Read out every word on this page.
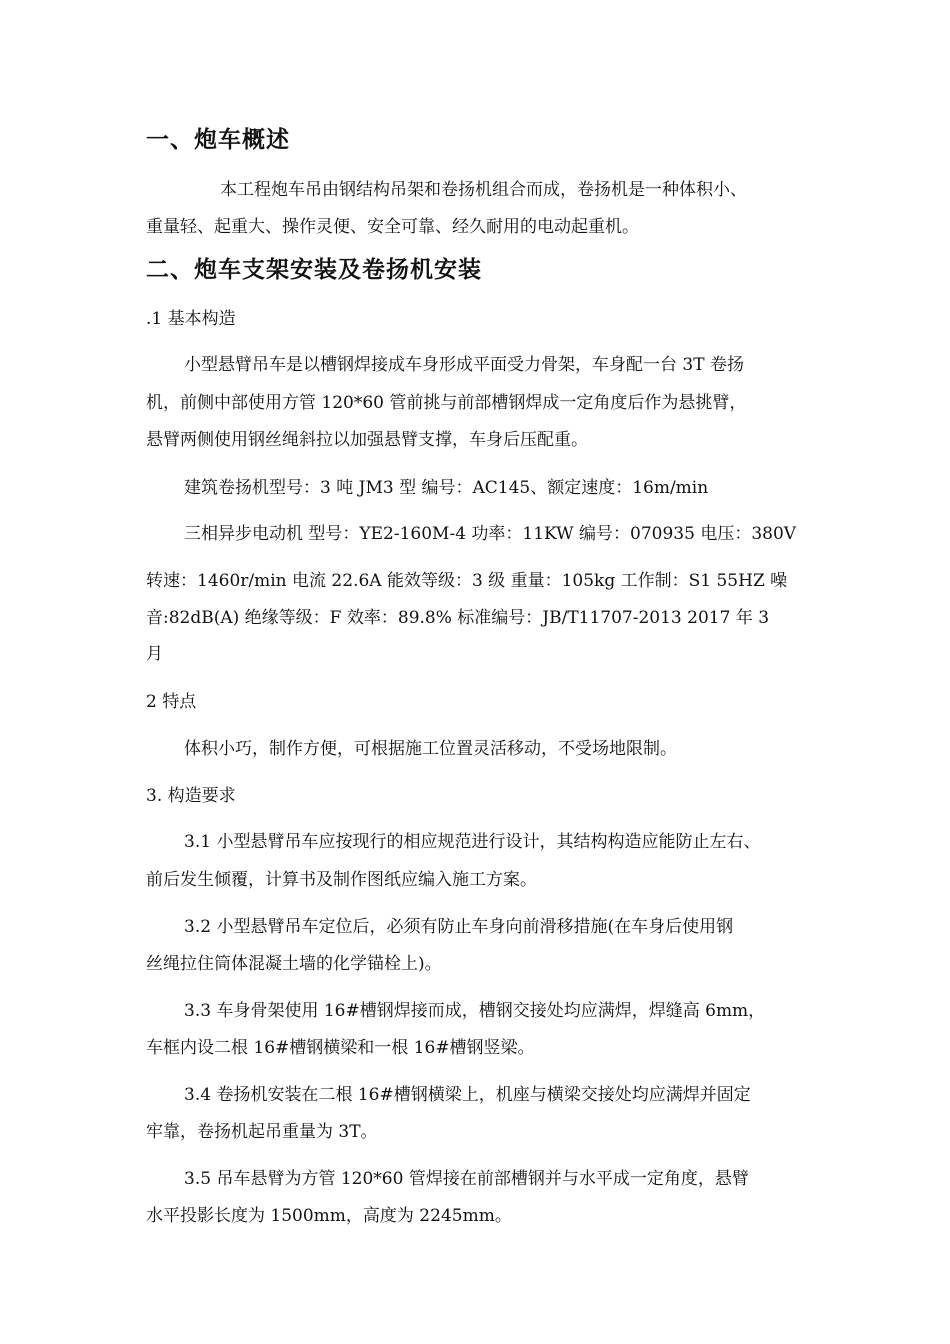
一、炮车概述
本工程炮车吊由钢结构吊架和卷扬机组合而成，卷扬机是一种体积小、
重量轻、起重大、操作灵便、安全可靠、经久耐用的电动起重机。
二、炮车支架安装及卷扬机安装
.1 基本构造
小型悬臂吊车是以槽钢焊接成车身形成平面受力骨架，车身配一台 3T 卷扬
机，前侧中部使用方管 120*60 管前挑与前部槽钢焊成一定角度后作为悬挑臂，
悬臂两侧使用钢丝绳斜拉以加强悬臂支撑，车身后压配重。
建筑卷扬机型号：3 吨 JM3 型 编号：AC145、额定速度：16m/min
三相异步电动机 型号：YE2-160M-4 功率：11KW 编号：070935 电压：380V
转速：1460r/min 电流 22.6A 能效等级：3 级 重量：105kg 工作制：S1 55HZ 噪
音:82dB(A) 绝缘等级：F 效率：89.8% 标准编号：JB/T11707-2013 2017 年 3
月
2 特点
体积小巧，制作方便，可根据施工位置灵活移动，不受场地限制。
3. 构造要求
3.1 小型悬臂吊车应按现行的相应规范进行设计，其结构构造应能防止左右、
前后发生倾覆，计算书及制作图纸应编入施工方案。
3.2 小型悬臂吊车定位后，必须有防止车身向前滑移措施(在车身后使用钢
丝绳拉住筒体混凝土墙的化学锚栓上)。
3.3 车身骨架使用 16#槽钢焊接而成，槽钢交接处均应满焊，焊缝高 6mm，
车框内设二根 16#槽钢横梁和一根 16#槽钢竖梁。
3.4 卷扬机安装在二根 16#槽钢横梁上，机座与横梁交接处均应满焊并固定
牢靠，卷扬机起吊重量为 3T。
3.5 吊车悬臂为方管 120*60 管焊接在前部槽钢并与水平成一定角度，悬臂
水平投影长度为 1500mm，高度为 2245mm。
